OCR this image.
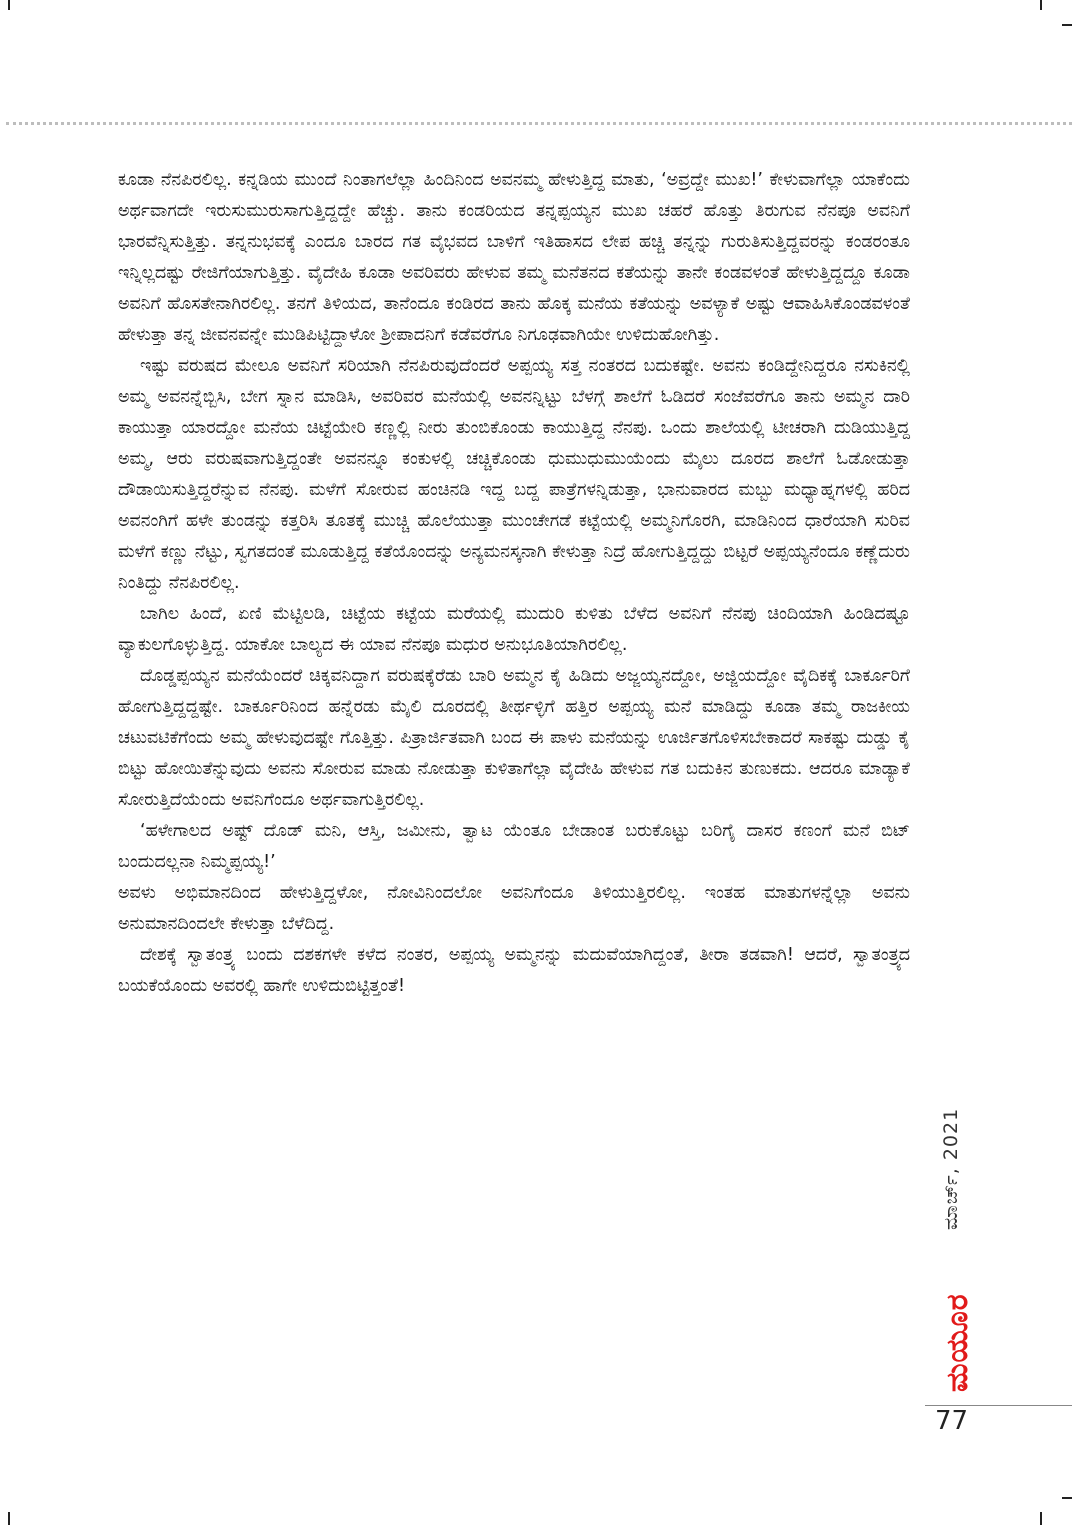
ಕೂಡಾ ನೆನಪಿರಲಿಲ್ಲ. ಕನ್ನಡಿಯ ಮುಂದೆ ನಿಂತಾಗಲೆಲ್ಲಾ ಹಿಂದಿನಿಂದ ಅವನಮ್ಮ ಹೇಳುತ್ತಿದ್ದ ಮಾತು, ‘ಅವ್ರದ್ದೇ ಮುಖ!’ ಕೇಳುವಾಗೆಲ್ಲಾ ಯಾಕೆಂದು ಅರ್ಥವಾಗದೇ ಇರುಸುಮುರುಸಾಗುತ್ತಿದ್ದದ್ದೇ ಹೆಚ್ಚು. ತಾನು ಕಂಡರಿಯದ ತನ್ನಪ್ಪಯ್ಯನ ಮುಖ ಚಹರೆ ಹೊತ್ತು ತಿರುಗುವ ನೆನಪೂ ಅವನಿಗೆ ಭಾರವೆನ್ನಿಸುತ್ತಿತ್ತು. ತನ್ನನುಭವಕ್ಕೆ ಎಂದೂ ಬಾರದ ಗತ ವೈಭವದ ಬಾಳಿಗೆ ಇತಿಹಾಸದ ಲೇಪ ಹಚ್ಚಿ ತನ್ನನ್ನು ಗುರುತಿಸುತ್ತಿದ್ದವರನ್ನು ಕಂಡರಂತೂ ಇನ್ನಿಲ್ಲದಷ್ಟು ರೇಜಿಗೆಯಾಗುತ್ತಿತ್ತು. ವೈದೇಹಿ ಕೂಡಾ ಅವರಿವರು ಹೇಳುವ ತಮ್ಮ ಮನೆತನದ ಕತೆಯನ್ನು ತಾನೇ ಕಂಡವಳಂತೆ ಹೇಳುತ್ತಿದ್ದದ್ದೂ ಕೂಡಾ ಅವನಿಗೆ ಹೊಸತೇನಾಗಿರಲಿಲ್ಲ. ತನಗೆ ತಿಳಿಯದ, ತಾನೆಂದೂ ಕಂಡಿರದ ತಾನು ಹೊಕ್ಕ ಮನೆಯ ಕತೆಯನ್ನು ಅವಳ್ಯಾಕೆ ಅಷ್ಟು ಆವಾಹಿಸಿಕೊಂಡವಳಂತೆ ಹೇಳುತ್ತಾ ತನ್ನ ಜೀವನವನ್ನೇ ಮುಡಿಪಿಟ್ಟಿದ್ದಾಳೋ ಶ್ರೀಪಾದನಿಗೆ ಕಡೆವರೆಗೂ ನಿಗೂಢವಾಗಿಯೇ ಉಳಿದುಹೋಗಿತ್ತು.

ಇಷ್ಟು ವರುಷದ ಮೇಲೂ ಅವನಿಗೆ ಸರಿಯಾಗಿ ನೆನಪಿರುವುದೆಂದರೆ ಅಪ್ಪಯ್ಯ ಸತ್ತ ನಂತರದ ಬದುಕಷ್ಟೇ. ಅವನು ಕಂಡಿದ್ದೇನಿದ್ದರೂ ನಸುಕಿನಲ್ಲಿ ಅಮ್ಮ ಅವನನ್ನೆಬ್ಬಿಸಿ, ಬೇಗ ಸ್ನಾನ ಮಾಡಿಸಿ, ಅವರಿವರ ಮನೆಯಲ್ಲಿ ಅವನನ್ನಿಟ್ಟು ಬೆಳಗ್ಗೆ ಶಾಲೆಗೆ ಓಡಿದರೆ ಸಂಜೆವರೆಗೂ ತಾನು ಅಮ್ಮನ ದಾರಿ ಕಾಯುತ್ತಾ ಯಾರದ್ದೋ ಮನೆಯ ಚಿಟ್ಟೆಯೇರಿ ಕಣ್ಣಲ್ಲಿ ನೀರು ತುಂಬಿಕೊಂಡು ಕಾಯುತ್ತಿದ್ದ ನೆನಪು. ಒಂದು ಶಾಲೆಯಲ್ಲಿ ಟೀಚರಾಗಿ ದುಡಿಯುತ್ತಿದ್ದ ಅಮ್ಮ, ಆರು ವರುಷವಾಗುತ್ತಿದ್ದಂತೇ ಅವನನ್ನೂ ಕಂಕುಳಲ್ಲಿ ಚಚ್ಚಿಕೊಂಡು ಧುಮುಧುಮುಯೆಂದು ಮೈಲು ದೂರದ ಶಾಲೆಗೆ ಓಡೋಡುತ್ತಾ ದೌಡಾಯಿಸುತ್ತಿದ್ದರೆನ್ನುವ ನೆನಪು. ಮಳೆಗೆ ಸೋರುವ ಹಂಚಿನಡಿ ಇದ್ದ ಬದ್ದ ಪಾತ್ರೆಗಳನ್ನಿಡುತ್ತಾ, ಭಾನುವಾರದ ಮಬ್ಬು ಮಧ್ಯಾಹ್ನಗಳಲ್ಲಿ ಹರಿದ ಅವನಂಗಿಗೆ ಹಳೇ ತುಂಡನ್ನು ಕತ್ತರಿಸಿ ತೂತಕ್ಕೆ ಮುಚ್ಚಿ ಹೊಲೆಯುತ್ತಾ ಮುಂಚೇಗಡೆ ಕಟ್ಟೆಯಲ್ಲಿ ಅಮ್ಮನಿಗೊರಗಿ, ಮಾಡಿನಿಂದ ಧಾರೆಯಾಗಿ ಸುರಿವ ಮಳೆಗೆ ಕಣ್ಣು ನೆಟ್ಟು, ಸ್ವಗತದಂತೆ ಮೂಡುತ್ತಿದ್ದ ಕತೆಯೊಂದನ್ನು ಅನ್ಯಮನಸ್ಕನಾಗಿ ಕೇಳುತ್ತಾ ನಿದ್ರೆ ಹೋಗುತ್ತಿದ್ದದ್ದು ಬಿಟ್ಟರೆ ಅಪ್ಪಯ್ಯನೆಂದೂ ಕಣ್ಣೆದುರು ನಿಂತಿದ್ದು ನೆನಪಿರಲಿಲ್ಲ.

ಬಾಗಿಲ ಹಿಂದೆ, ಏಣಿ ಮೆಟ್ಟಿಲಡಿ, ಚಿಟ್ಟೆಯ ಕಟ್ಟೆಯ ಮರೆಯಲ್ಲಿ ಮುದುರಿ ಕುಳಿತು ಬೆಳೆದ ಅವನಿಗೆ ನೆನಪು ಚಿಂದಿಯಾಗಿ ಹಿಂಡಿದಷ್ಟೂ ವ್ಯಾಕುಲಗೊಳ್ಳುತ್ತಿದ್ದ. ಯಾಕೋ ಬಾಲ್ಯದ ಈ ಯಾವ ನೆನಪೂ ಮಧುರ ಅನುಭೂತಿಯಾಗಿರಲಿಲ್ಲ.

ದೊಡ್ಡಪ್ಪಯ್ಯನ ಮನೆಯೆಂದರೆ ಚಿಕ್ಕವನಿದ್ದಾಗ ವರುಷಕ್ಕೆರೆಡು ಬಾರಿ ಅಮ್ಮನ ಕೈ ಹಿಡಿದು ಅಜ್ಜಯ್ಯನದ್ದೋ, ಅಜ್ಜಿಯದ್ದೋ ವೈದಿಕಕ್ಕೆ ಬಾರ್ಕೂರಿಗೆ ಹೋಗುತ್ತಿದ್ದದ್ದಷ್ಟೇ. ಬಾರ್ಕೂರಿನಿಂದ ಹನ್ನೆರಡು ಮೈಲಿ ದೂರದಲ್ಲಿ ತೀರ್ಥಳ್ಳಿಗೆ ಹತ್ತಿರ ಅಪ್ಪಯ್ಯ ಮನೆ ಮಾಡಿದ್ದು ಕೂಡಾ ತಮ್ಮ ರಾಜಕೀಯ ಚಟುವಟಿಕೆಗೆಂದು ಅಮ್ಮ ಹೇಳುವುದಷ್ಟೇ ಗೊತ್ತಿತ್ತು. ಪಿತ್ರಾರ್ಜಿತವಾಗಿ ಬಂದ ಈ ಪಾಳು ಮನೆಯನ್ನು ಊರ್ಜಿತಗೊಳಿಸಬೇಕಾದರೆ ಸಾಕಷ್ಟು ದುಡ್ಡು ಕೈ ಬಿಟ್ಟು ಹೋಯಿತೆನ್ನುವುದು ಅವನು ಸೋರುವ ಮಾಡು ನೋಡುತ್ತಾ ಕುಳಿತಾಗೆಲ್ಲಾ ವೈದೇಹಿ ಹೇಳುವ ಗತ ಬದುಕಿನ ತುಣುಕದು. ಆದರೂ ಮಾಡ್ಯಾಕೆ ಸೋರುತ್ತಿದೆಯೆಂದು ಅವನಿಗೆಂದೂ ಅರ್ಥವಾಗುತ್ತಿರಲಿಲ್ಲ.

‘ಹಳೇಗಾಲದ ಅಷ್ಟ್ ದೊಡ್ ಮನಿ, ಆಸ್ತಿ, ಜಮೀನು, ತ್ವಾಟ ಯೆಂತೂ ಬೇಡಾಂತ ಬರುಕೊಟ್ಟು ಬರಿಗೈ ದಾಸರ ಕಣಂಗೆ ಮನೆ ಬಿಟ್ ಬಂದುದಲ್ಲನಾ ನಿಮ್ಮಪ್ಪಯ್ಯ!’

ಅವಳು ಅಭಿಮಾನದಿಂದ ಹೇಳುತ್ತಿದ್ದಳೋ, ನೋವಿನಿಂದಲೋ ಅವನಿಗೆಂದೂ ತಿಳಿಯುತ್ತಿರಲಿಲ್ಲ. ಇಂತಹ ಮಾತುಗಳನ್ನೆಲ್ಲಾ ಅವನು ಅನುಮಾನದಿಂದಲೇ ಕೇಳುತ್ತಾ ಬೆಳೆದಿದ್ದ.

ದೇಶಕ್ಕೆ ಸ್ವಾತಂತ್ರ್ಯ ಬಂದು ದಶಕಗಳೇ ಕಳೆದ ನಂತರ, ಅಪ್ಪಯ್ಯ ಅಮ್ಮನನ್ನು ಮದುವೆಯಾಗಿದ್ದಂತೆ, ತೀರಾ ತಡವಾಗಿ! ಆದರೆ, ಸ್ವಾತಂತ್ರ್ಯದ ಬಯಕೆಯೊಂದು ಅವರಲ್ಲಿ ಹಾಗೇ ಉಳಿದುಬಿಟ್ಟಿತ್ತಂತೆ!

ಮಾರ್ಚ್, 2021
ಮಯೂರ
77
